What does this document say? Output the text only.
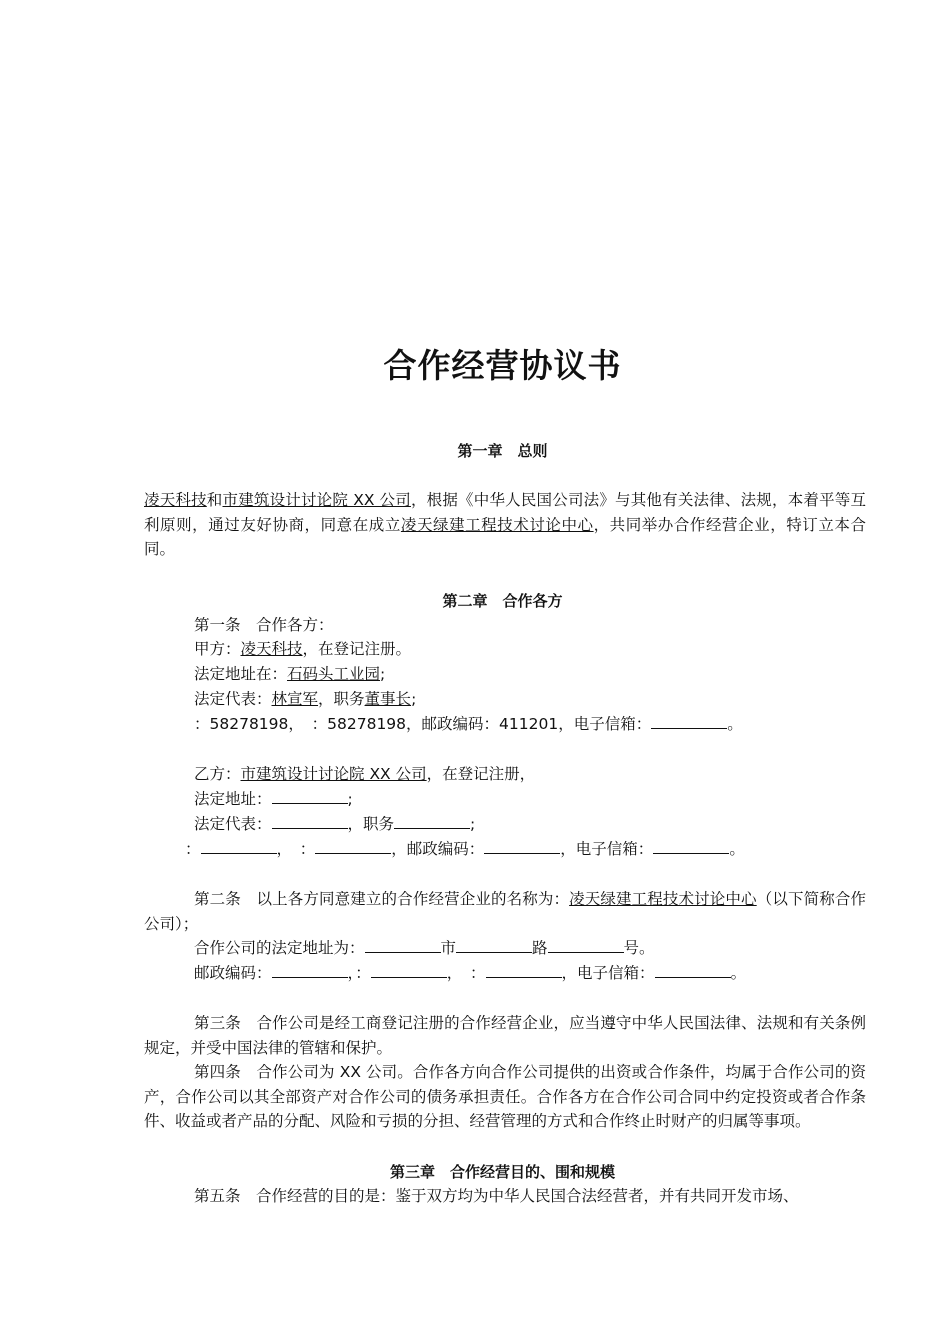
合作经营协议书
第一章　总则
凌天科技和市建筑设计讨论院 XX 公司，根据《中华人民国公司法》与其他有关法律、法规，本着平等互利原则，通过友好协商，同意在成立凌天绿建工程技术讨论中心，共同举办合作经营企业，特订立本合同。
第二章　合作各方
第一条　合作各方：
甲方：凌天科技，在登记注册。
法定地址在：石码头工业园;
法定代表：林宣军，职务董事长;
：58278198，　：58278198，邮政编码：411201，电子信箱：	。
乙方：市建筑设计讨论院 XX 公司，在登记注册，
法定地址：	;
法定代表：	，职务	;
：	，　：	，邮政编码：	，电子信箱：	。
第二条　以上各方同意建立的合作经营企业的名称为：凌天绿建工程技术讨论中心（以下简称合作公司）；
合作公司的法定地址为：	市	路	号。
邮政编码：	，：	，　：	，电子信箱：	。
第三条　合作公司是经工商登记注册的合作经营企业，应当遵守中华人民国法律、法规和有关条例规定，并受中国法律的管辖和保护。
第四条　合作公司为 XX 公司。合作各方向合作公司提供的出资或合作条件，均属于合作公司的资产，合作公司以其全部资产对合作公司的债务承担责任。合作各方在合作公司合同中约定投资或者合作条件、收益或者产品的分配、风险和亏损的分担、经营管理的方式和合作终止时财产的归属等事项。
第三章　合作经营目的、围和规模
第五条　合作经营的目的是：鉴于双方均为中华人民国合法经营者，并有共同开发市场、
